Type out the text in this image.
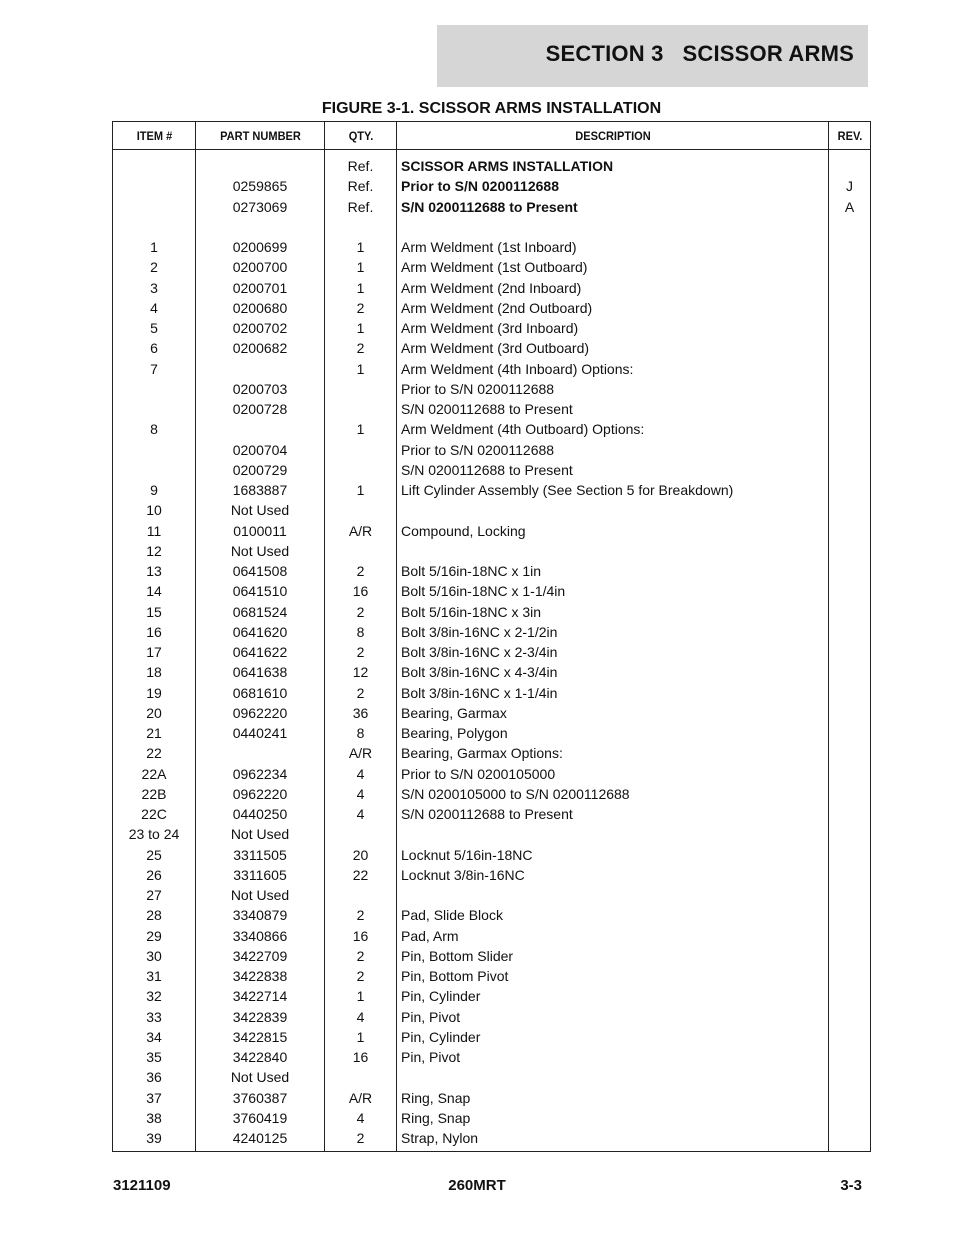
SECTION 3   SCISSOR ARMS
FIGURE 3-1. SCISSOR ARMS INSTALLATION
ITEM #	PART NUMBER	QTY.	DESCRIPTION	REV.

		Ref.	SCISSOR ARMS INSTALLATION	
	0259865	Ref.	Prior to S/N 0200112688	J
	0273069	Ref.	S/N 0200112688 to Present	A

1	0200699	1	Arm Weldment (1st Inboard)	
2	0200700	1	Arm Weldment (1st Outboard)	
3	0200701	1	Arm Weldment (2nd Inboard)	
4	0200680	2	Arm Weldment (2nd Outboard)	
5	0200702	1	Arm Weldment (3rd Inboard)	
6	0200682	2	Arm Weldment (3rd Outboard)	
7		1	Arm Weldment (4th Inboard) Options:	
	0200703		Prior to S/N 0200112688	
	0200728		S/N 0200112688 to Present	
8		1	Arm Weldment (4th Outboard) Options:	
	0200704		Prior to S/N 0200112688	
	0200729		S/N 0200112688 to Present	
9	1683887	1	Lift Cylinder Assembly (See Section 5 for Breakdown)	
10	Not Used			
11	0100011	A/R	Compound, Locking	
12	Not Used			
13	0641508	2	Bolt 5/16in-18NC x 1in	
14	0641510	16	Bolt 5/16in-18NC x 1-1/4in	
15	0681524	2	Bolt 5/16in-18NC x 3in	
16	0641620	8	Bolt 3/8in-16NC x 2-1/2in	
17	0641622	2	Bolt 3/8in-16NC x 2-3/4in	
18	0641638	12	Bolt 3/8in-16NC x 4-3/4in	
19	0681610	2	Bolt 3/8in-16NC x 1-1/4in	
20	0962220	36	Bearing, Garmax	
21	0440241	8	Bearing, Polygon	
22		A/R	Bearing, Garmax Options:	
22A	0962234	4	Prior to S/N 0200105000	
22B	0962220	4	S/N 0200105000 to S/N 0200112688	
22C	0440250	4	S/N 0200112688 to Present	
23 to 24	Not Used			
25	3311505	20	Locknut 5/16in-18NC	
26	3311605	22	Locknut 3/8in-16NC	
27	Not Used			
28	3340879	2	Pad, Slide Block	
29	3340866	16	Pad, Arm	
30	3422709	2	Pin, Bottom Slider	
31	3422838	2	Pin, Bottom Pivot	
32	3422714	1	Pin, Cylinder	
33	3422839	4	Pin, Pivot	
34	3422815	1	Pin, Cylinder	
35	3422840	16	Pin, Pivot	
36	Not Used			
37	3760387	A/R	Ring, Snap	
38	3760419	4	Ring, Snap	
39	4240125	2	Strap, Nylon	

3121109	260MRT	3-3
